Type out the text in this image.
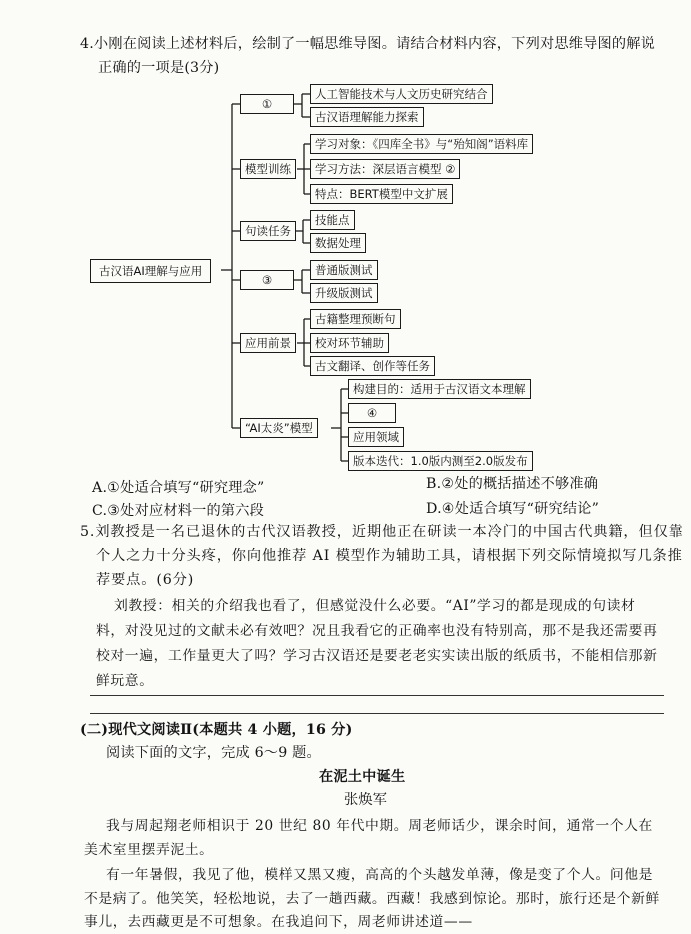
4.小刚在阅读上述材料后，绘制了一幅思维导图。请结合材料内容，下列对思维导图的解说
正确的一项是(3分)
古汉语AI理解与应用
①
模型训练
句读任务
③
应用前景
“AI太炎”模型
人工智能技术与人文历史研究结合
古汉语理解能力探索
学习对象：《四库全书》与“殆知阁”语料库
学习方法：深层语言模型 ②
特点：BERT模型中文扩展
技能点
数据处理
普通版测试
升级版测试
古籍整理预断句
校对环节辅助
古文翻译、创作等任务
构建目的：适用于古汉语文本理解
④
应用领域
版本迭代：1.0版内测至2.0版发布
A.①处适合填写“研究理念”	B.②处的概括描述不够准确
C.③处对应材料一的第六段	D.④处适合填写“研究结论”
5.刘教授是一名已退休的古代汉语教授，近期他正在研读一本冷门的中国古代典籍，但仅靠
个人之力十分头疼，你向他推荐 AI 模型作为辅助工具，请根据下列交际情境拟写几条推
荐要点。(6分)
刘教授：相关的介绍我也看了，但感觉没什么必要。“AI”学习的都是现成的句读材
料，对没见过的文献未必有效吧？况且我看它的正确率也没有特别高，那不是我还需要再
校对一遍，工作量更大了吗？学习古汉语还是要老老实实读出版的纸质书，不能相信那新
鲜玩意。
(二)现代文阅读Ⅱ(本题共 4 小题，16 分)
阅读下面的文字，完成 6～9 题。
在泥土中诞生
张焕军
我与周起翔老师相识于 20 世纪 80 年代中期。周老师话少，课余时间，通常一个人在
美术室里摆弄泥土。
有一年暑假，我见了他，模样又黑又瘦，高高的个头越发单薄，像是变了个人。问他是
不是病了。他笑笑，轻松地说，去了一趟西藏。西藏！我感到惊论。那时，旅行还是个新鲜
事儿，去西藏更是不可想象。在我追问下，周老师讲述道——
